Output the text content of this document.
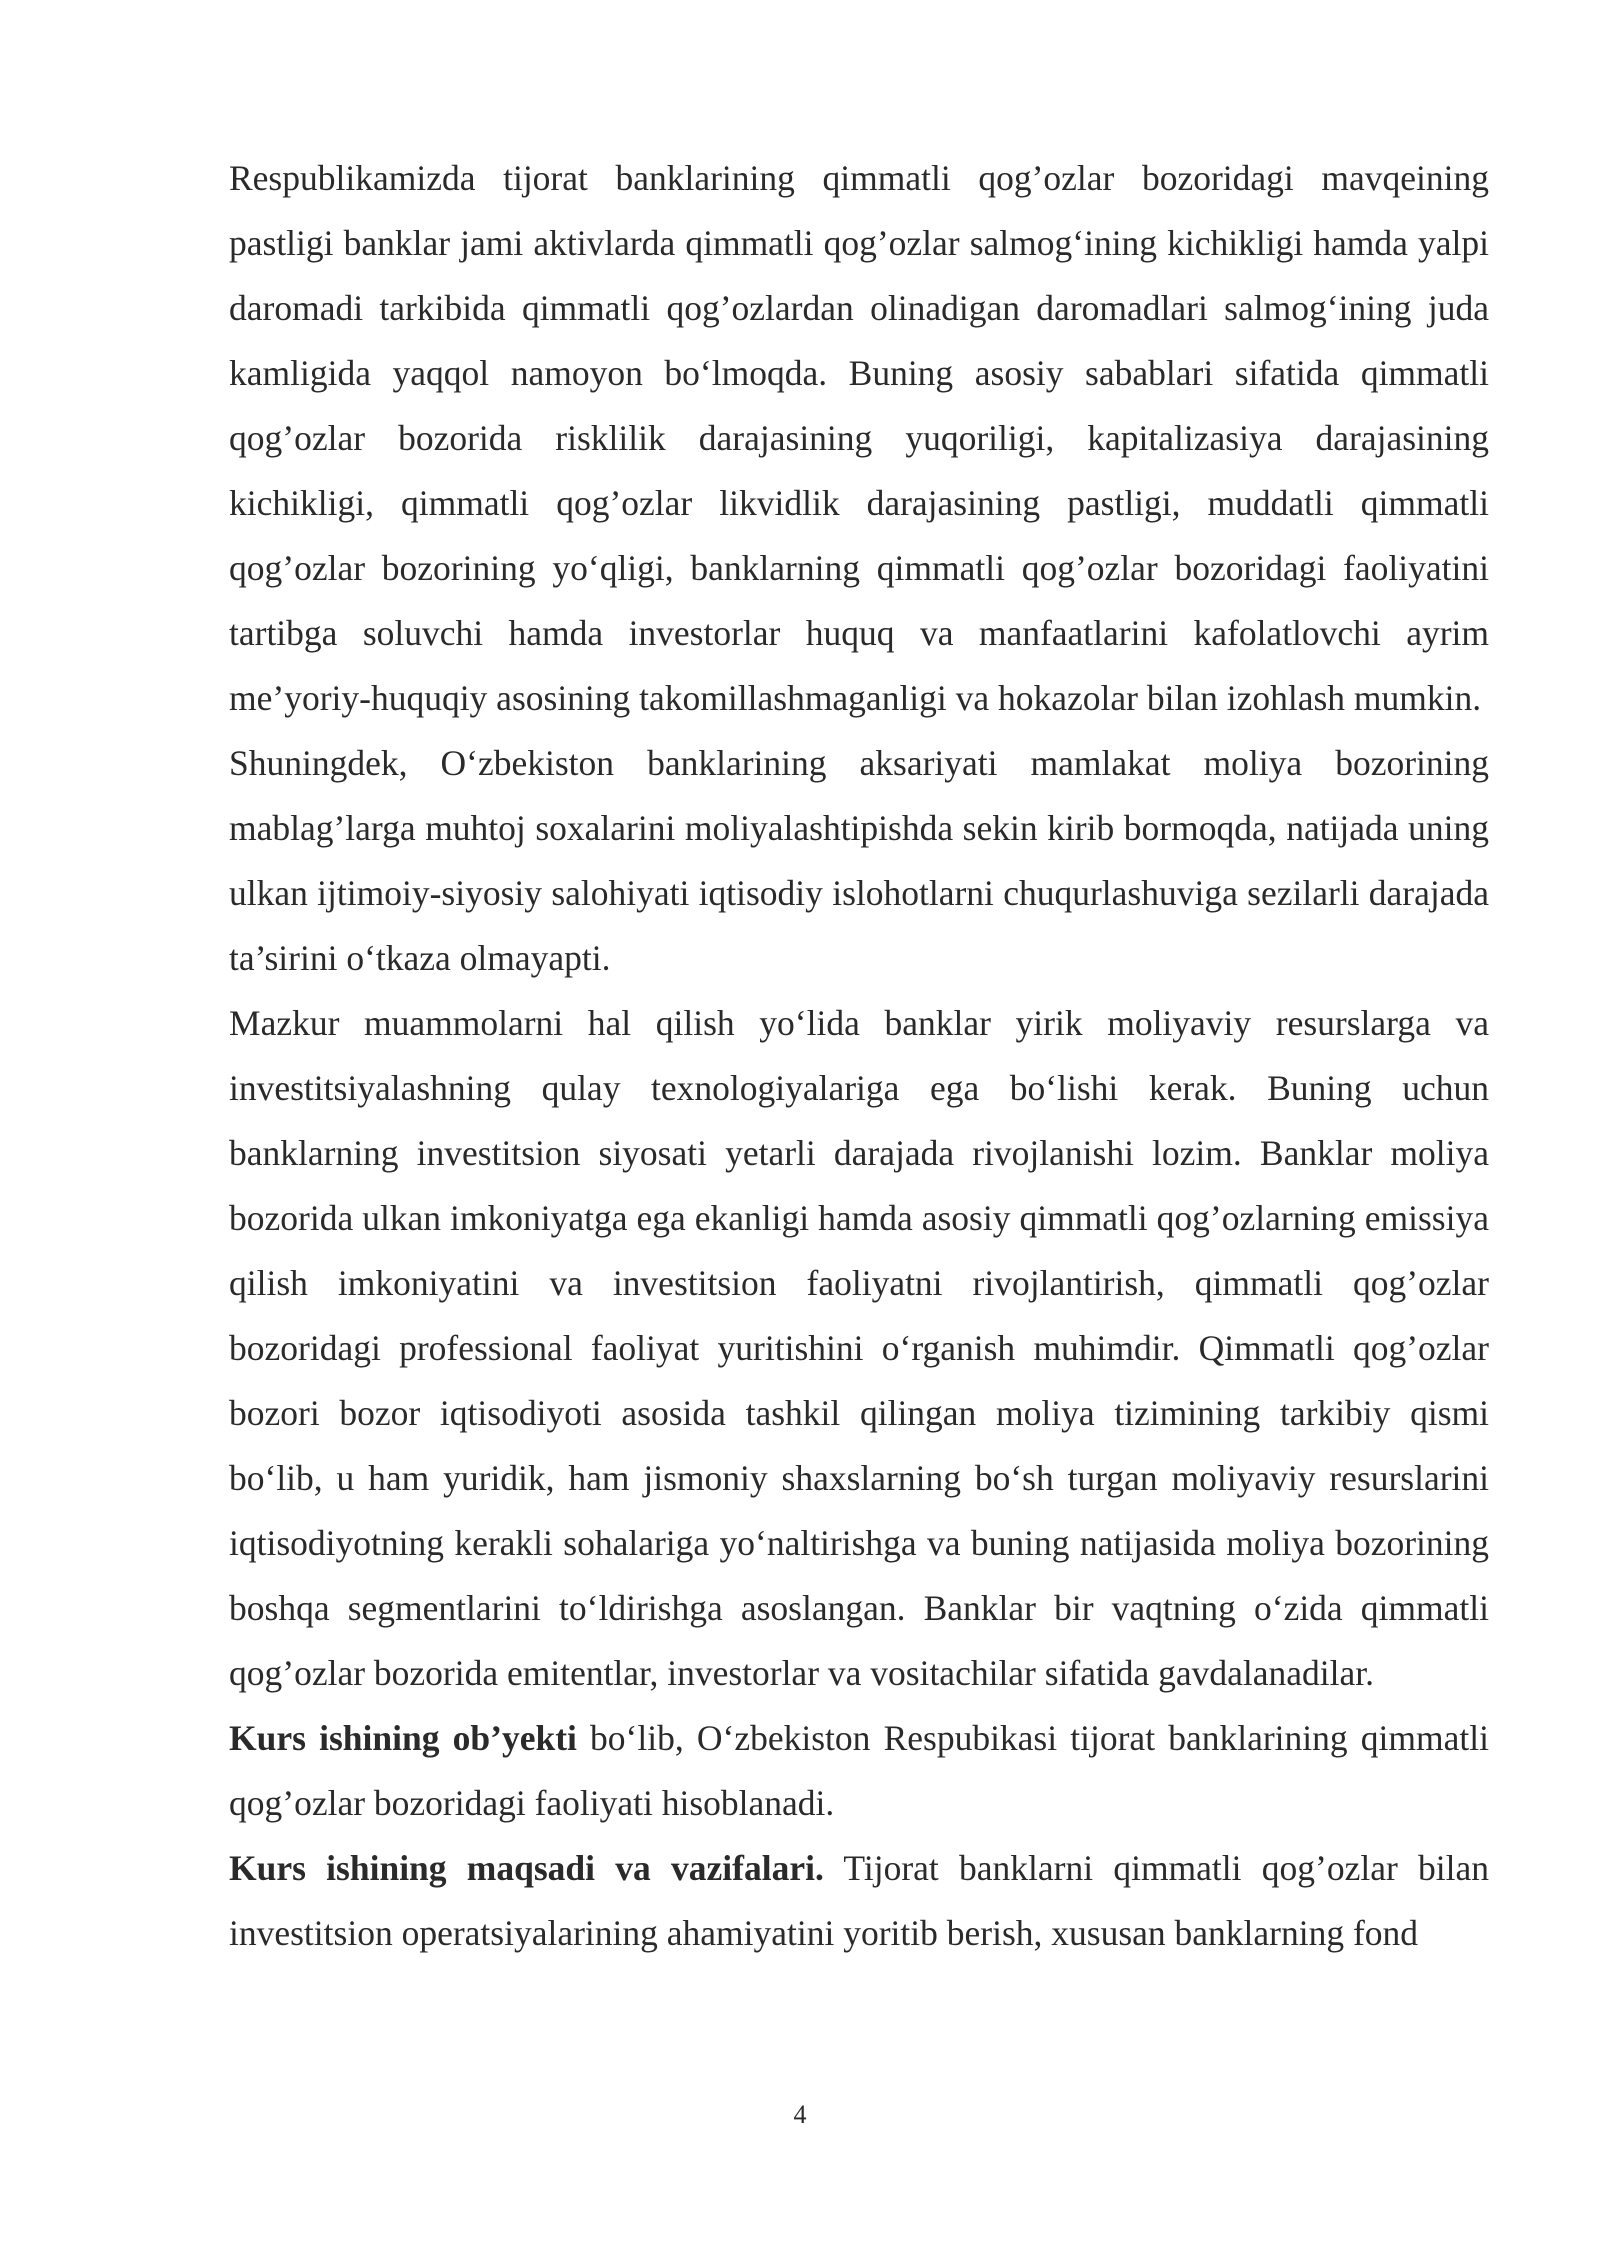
Respublikamizda tijorat banklarining qimmatli qog’ozlar bozoridagi mavqeining pastligi banklar jami aktivlarda qimmatli qog’ozlar salmog‘ining kichikligi hamda yalpi daromadi tarkibida qimmatli qog’ozlardan olinadigan daromadlari salmog‘ining juda kamligida yaqqol namoyon bo‘lmoqda. Buning asosiy sabablari sifatida qimmatli qog’ozlar bozorida risklilik darajasining yuqoriligi, kapitalizasiya darajasining kichikligi, qimmatli qog’ozlar likvidlik darajasining pastligi, muddatli qimmatli qog’ozlar bozorining yo‘qligi, banklarning qimmatli qog’ozlar bozoridagi faoliyatini tartibga soluvchi hamda investorlar huquq va manfaatlarini kafolatlovchi ayrim me’yoriy-huquqiy asosining takomillashmaganligi va hokazolar bilan izohlash mumkin.

Shuningdek, O‘zbekiston banklarining aksariyati mamlakat moliya bozorining mablag’larga muhtoj soxalarini moliyalashtipishda sekin kirib bormoqda, natijada uning ulkan ijtimoiy-siyosiy salohiyati iqtisodiy islohotlarni chuqurlashuviga sezilarli darajada ta’sirini o‘tkaza olmayapti.

Mazkur muammolarni hal qilish yo‘lida banklar yirik moliyaviy resurslarga va investitsiyalashning qulay texnologiyalariga ega bo‘lishi kerak. Buning uchun banklarning investitsion siyosati yetarli darajada rivojlanishi lozim. Banklar moliya bozorida ulkan imkoniyatga ega ekanligi hamda asosiy qimmatli qog’ozlarning emissiya qilish imkoniyatini va investitsion faoliyatni rivojlantirish, qimmatli qog’ozlar bozoridagi professional faoliyat yuritishini o‘rganish muhimdir. Qimmatli qog’ozlar bozori bozor iqtisodiyoti asosida tashkil qilingan moliya tizimining tarkibiy qismi bo‘lib, u ham yuridik, ham jismoniy shaxslarning bo‘sh turgan moliyaviy resurslarini iqtisodiyotning kerakli sohalariga yo‘naltirishga va buning natijasida moliya bozorining boshqa segmentlarini to‘ldirishga asoslangan. Banklar bir vaqtning o‘zida qimmatli qog’ozlar bozorida emitentlar, investorlar va vositachilar sifatida gavdalanadilar.

Kurs ishining ob’yekti bo‘lib, O‘zbekiston Respubikasi tijorat banklarining qimmatli qog’ozlar bozoridagi faoliyati hisoblanadi.

Kurs ishining maqsadi va vazifalari. Tijorat banklarni qimmatli qog’ozlar bilan investitsion operatsiyalarining ahamiyatini yoritib berish, xususan banklarning fond

4
